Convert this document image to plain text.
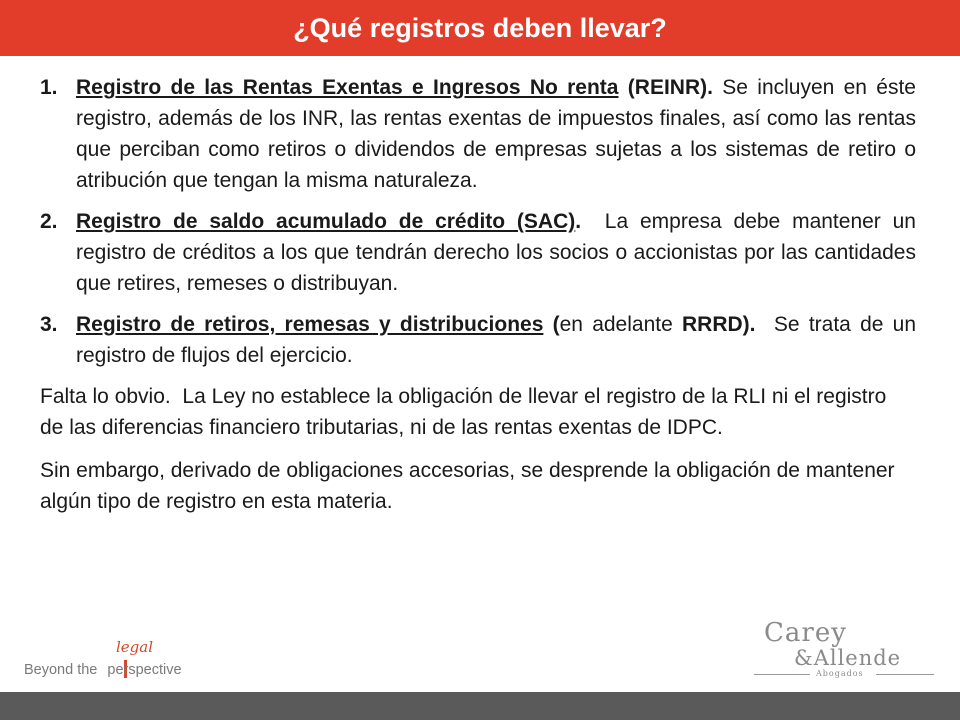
¿Qué registros deben llevar?
1. Registro de las Rentas Exentas e Ingresos No renta (REINR). Se incluyen en éste registro, además de los INR, las rentas exentas de impuestos finales, así como las rentas que perciban como retiros o dividendos de empresas sujetas a los sistemas de retiro o atribución que tengan la misma naturaleza.
2. Registro de saldo acumulado de crédito (SAC).  La empresa debe mantener un registro de créditos a los que tendrán derecho los socios o accionistas por las cantidades que retires, remeses o distribuyan.
3. Registro de retiros, remesas y distribuciones (en adelante RRRD).  Se trata de un registro de flujos del ejercicio.

Falta lo obvio.  La Ley no establece la obligación de llevar el registro de la RLI ni el registro de las diferencias financiero tributarias, ni de las rentas exentas de IDPC.

Sin embargo, derivado de obligaciones accesorias, se desprende la obligación de mantener algún tipo de registro en esta materia.

legal
Beyond the perspective
Carey
&Allende
Abogados
